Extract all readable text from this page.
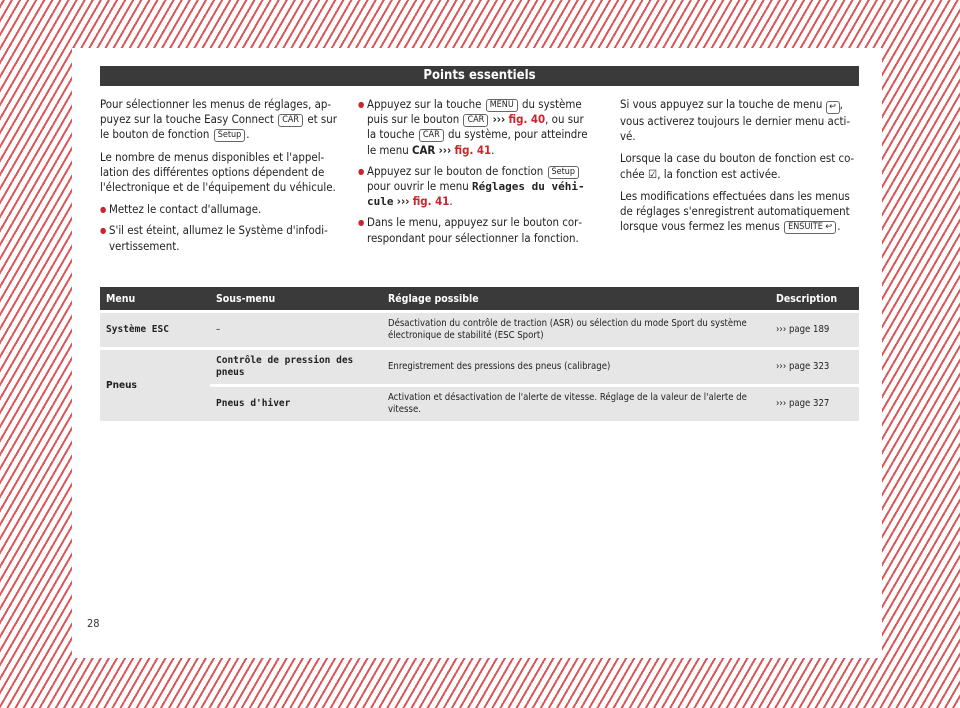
Points essentiels

Pour sélectionner les menus de réglages, appuyez sur la touche Easy Connect CAR et sur le bouton de fonction Setup .

Le nombre de menus disponibles et l'appellation des différentes options dépendent de l'électronique et de l'équipement du véhicule.

● Mettez le contact d'allumage.
● S'il est éteint, allumez le Système d'infodivertissement.
● Appuyez sur la touche MENU du système puis sur le bouton CAR ››› fig. 40, ou sur la touche CAR du système, pour atteindre le menu CAR ››› fig. 41.
● Appuyez sur le bouton de fonction Setup pour ouvrir le menu Réglages du véhicule ››› fig. 41.
● Dans le menu, appuyez sur le bouton correspondant pour sélectionner la fonction.

Si vous appuyez sur la touche de menu ↩ , vous activerez toujours le dernier menu activé.

Lorsque la case du bouton de fonction est cochée ☑, la fonction est activée.

Les modifications effectuées dans les menus de réglages s'enregistrent automatiquement lorsque vous fermez les menus ENSUITE ↩ .

Menu	Sous-menu	Réglage possible	Description
Système ESC	–	Désactivation du contrôle de traction (ASR) ou sélection du mode Sport du système électronique de stabilité (ESC Sport)	››› page 189
Pneus	Contrôle de pression des pneus	Enregistrement des pressions des pneus (calibrage)	››› page 323
	Pneus d'hiver	Activation et désactivation de l'alerte de vitesse. Réglage de la valeur de l'alerte de vitesse.	››› page 327
28
